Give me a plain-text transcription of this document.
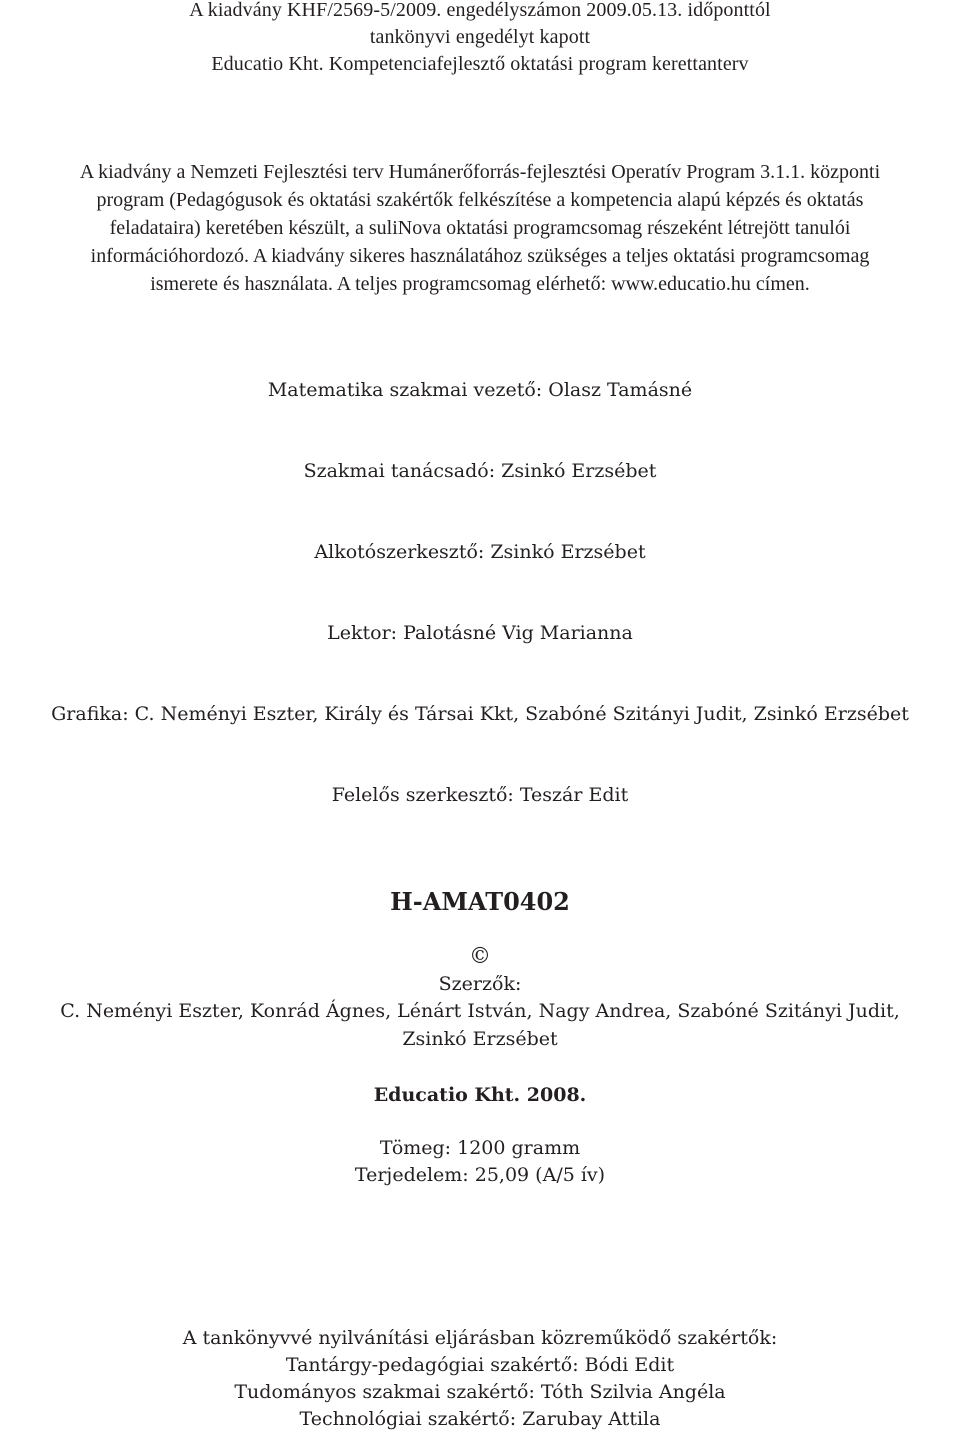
A kiadvány KHF/2569-5/2009. engedélyszámon 2009.05.13. időponttól
tankönyvi engedélyt kapott
Educatio Kht. Kompetenciafejlesztő oktatási program kerettanterv
A kiadvány a Nemzeti Fejlesztési terv Humánerőforrás-fejlesztési Operatív Program 3.1.1. központi
program (Pedagógusok és oktatási szakértők felkészítése a kompetencia alapú képzés és oktatás
feladataira) keretében készült, a suliNova oktatási programcsomag részeként létrejött tanulói
információhordozó. A kiadvány sikeres használatához szükséges a teljes oktatási programcsomag
ismerete és használata. A teljes programcsomag elérhető: www.educatio.hu címen.
Matematika szakmai vezető: Olasz Tamásné
Szakmai tanácsadó: Zsinkó Erzsébet
Alkotószerkesztő: Zsinkó Erzsébet
Lektor: Palotásné Vig Marianna
Grafika: C. Neményi Eszter, Király és Társai Kkt, Szabóné Szitányi Judit, Zsinkó Erzsébet
Felelős szerkesztő: Teszár Edit
H-AMAT0402
©
Szerzők:
C. Neményi Eszter, Konrád Ágnes, Lénárt István, Nagy Andrea, Szabóné Szitányi Judit,
Zsinkó Erzsébet
Educatio Kht. 2008.
Tömeg: 1200 gramm
Terjedelem: 25,09 (A/5 ív)
A tankönyvvé nyilvánítási eljárásban közreműködő szakértők:
Tantárgy-pedagógiai szakértő: Bódi Edit
Tudományos szakmai szakértő: Tóth Szilvia Angéla
Technológiai szakértő: Zarubay Attila
